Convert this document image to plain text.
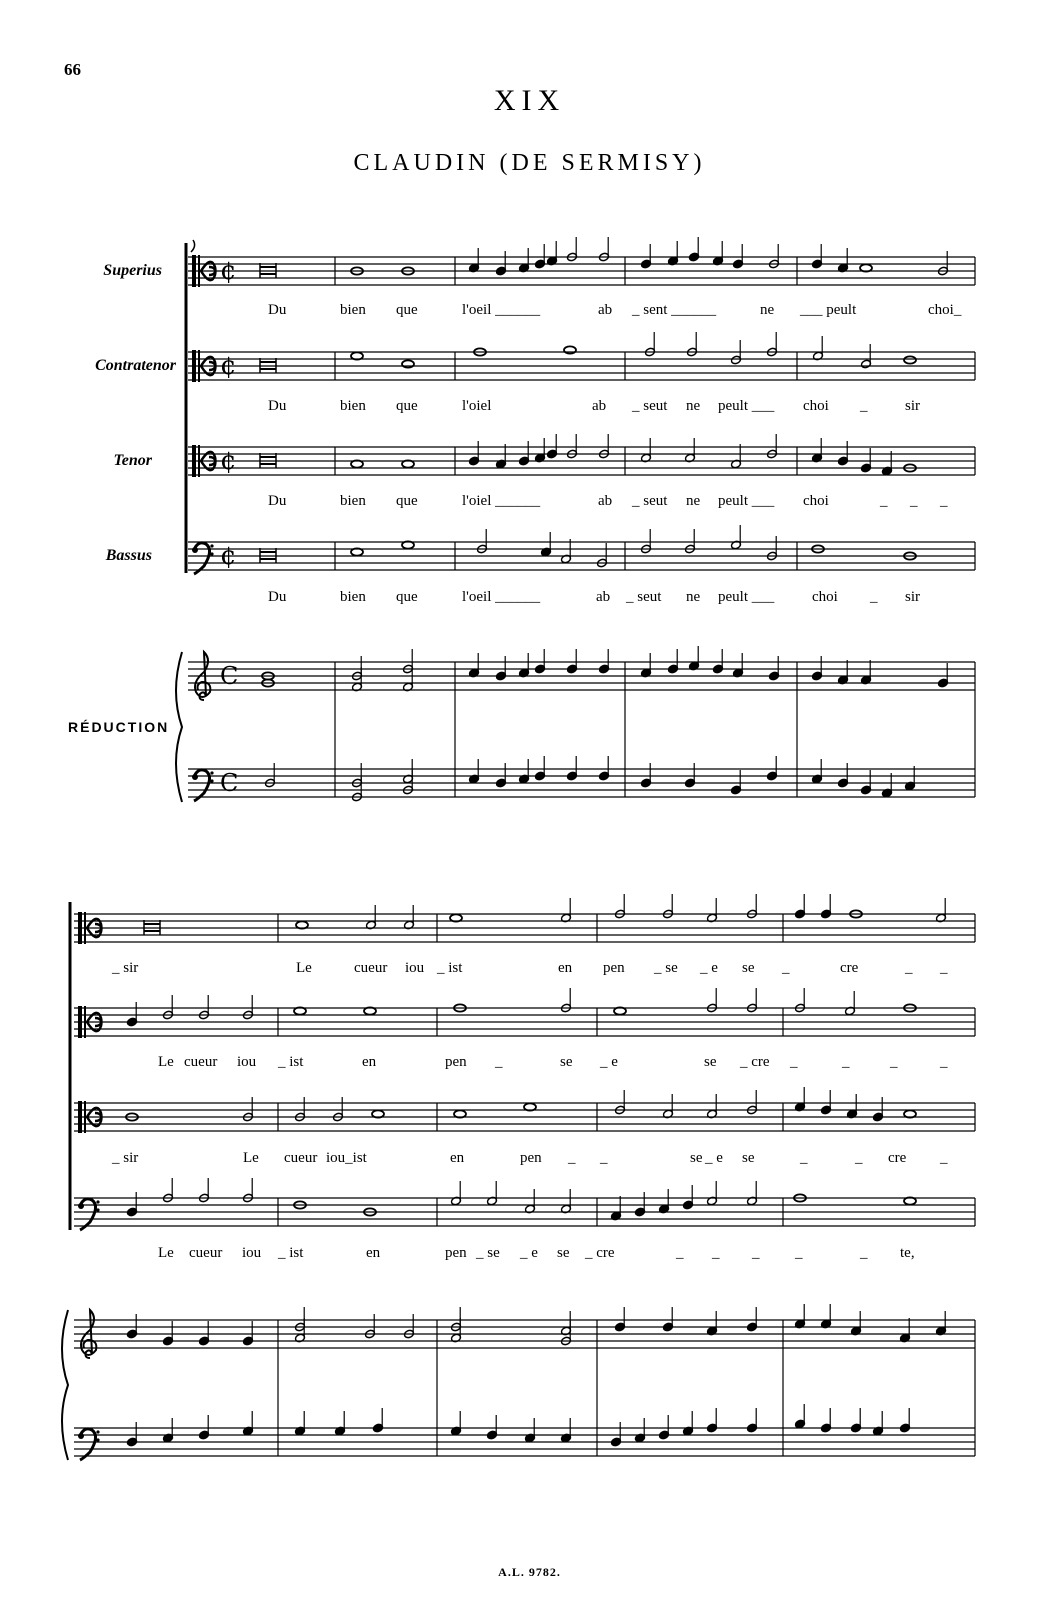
66
XIX
CLAUDIN (DE SERMISY)
Superius
Contratenor
Tenor
Bassus
RÉDUCTION
¢
¢
¢
¢
C
C
Du	bien que	l'oeil ______	ab _ sent ______	ne ___ peult	choi_
Du	bien que	l'oiel	ab _ seut ne peult ___ choi _	sir
Du	bien que	l'oiel ______	ab _ seut ne peult ___ choi	_ _ _
Du	bien que	l'oeil ______	ab _ seut ne peult ___	choi _ sir
_ sir	Le	cueur iou _ ist	en pen _ se _ e se _	cre	_ _
Le cueur iou _ ist	en	pen _	se _ e	se _ cre _	_	_	_
_ sir	Le cueur iou_ist	en	pen _ _	se _ e se	_	_ cre _
Le cueur iou _ ist	en	pen _ se _ e se _ cre	_ _ _ _	_ te,
A.L. 9782.
